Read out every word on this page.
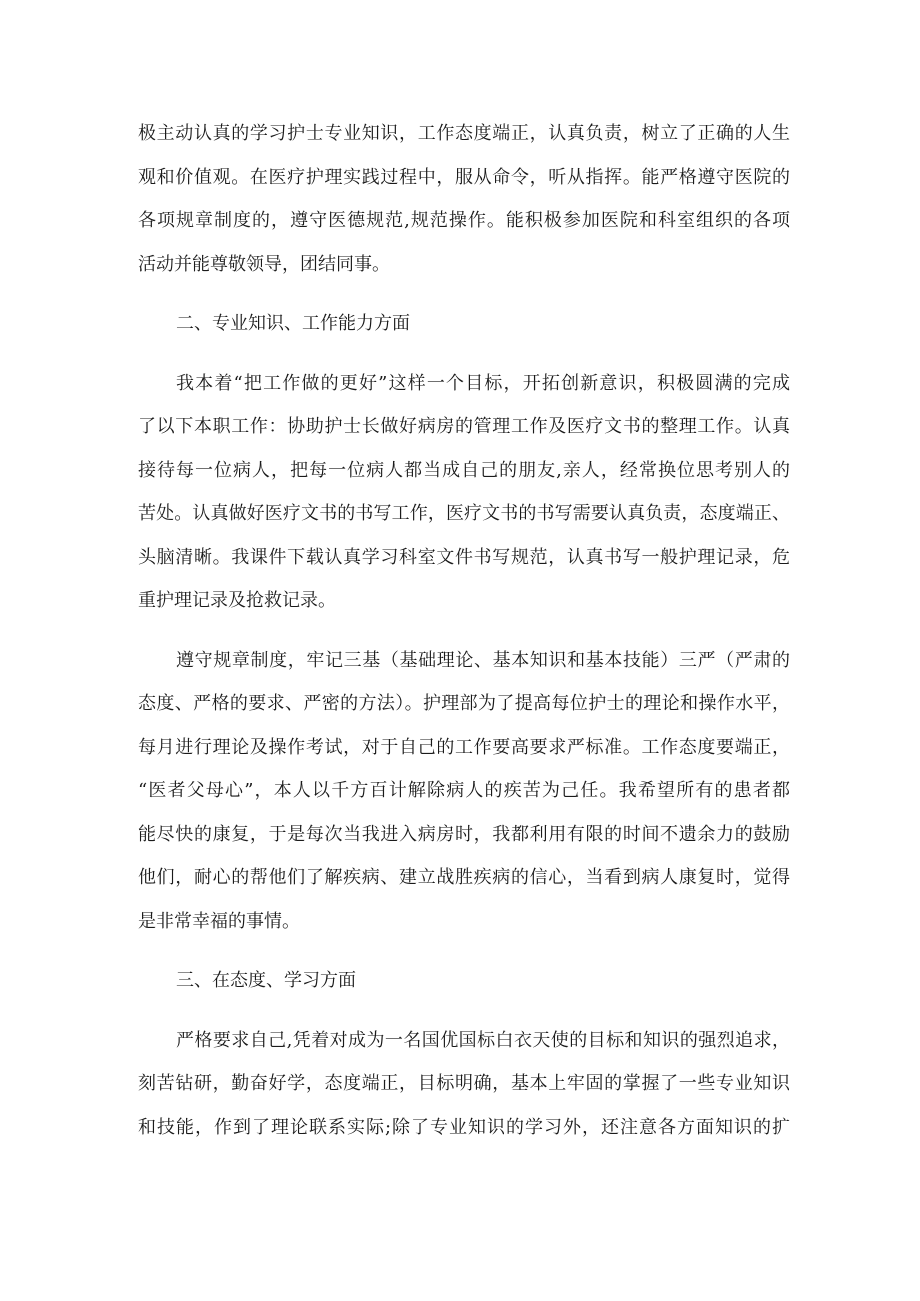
极主动认真的学习护士专业知识，工作态度端正，认真负责，树立了正确的人生
观和价值观。在医疗护理实践过程中，服从命令，听从指挥。能严格遵守医院的
各项规章制度的，遵守医德规范,规范操作。能积极参加医院和科室组织的各项
活动并能尊敬领导，团结同事。
二、专业知识、工作能力方面
我本着“把工作做的更好”这样一个目标，开拓创新意识，积极圆满的完成
了以下本职工作：协助护士长做好病房的管理工作及医疗文书的整理工作。认真
接待每一位病人，把每一位病人都当成自己的朋友,亲人，经常换位思考别人的
苦处。认真做好医疗文书的书写工作，医疗文书的书写需要认真负责，态度端正、
头脑清晰。我课件下载认真学习科室文件书写规范，认真书写一般护理记录，危
重护理记录及抢救记录。
遵守规章制度，牢记三基（基础理论、基本知识和基本技能）三严（严肃的
态度、严格的要求、严密的方法）。护理部为了提高每位护士的理论和操作水平，
每月进行理论及操作考试，对于自己的工作要高要求严标准。工作态度要端正，
“医者父母心”，本人以千方百计解除病人的疾苦为己任。我希望所有的患者都
能尽快的康复，于是每次当我进入病房时，我都利用有限的时间不遗余力的鼓励
他们，耐心的帮他们了解疾病、建立战胜疾病的信心，当看到病人康复时，觉得
是非常幸福的事情。
三、在态度、学习方面
严格要求自己,凭着对成为一名国优国标白衣天使的目标和知识的强烈追求，
刻苦钻研，勤奋好学，态度端正，目标明确，基本上牢固的掌握了一些专业知识
和技能，作到了理论联系实际;除了专业知识的学习外，还注意各方面知识的扩
